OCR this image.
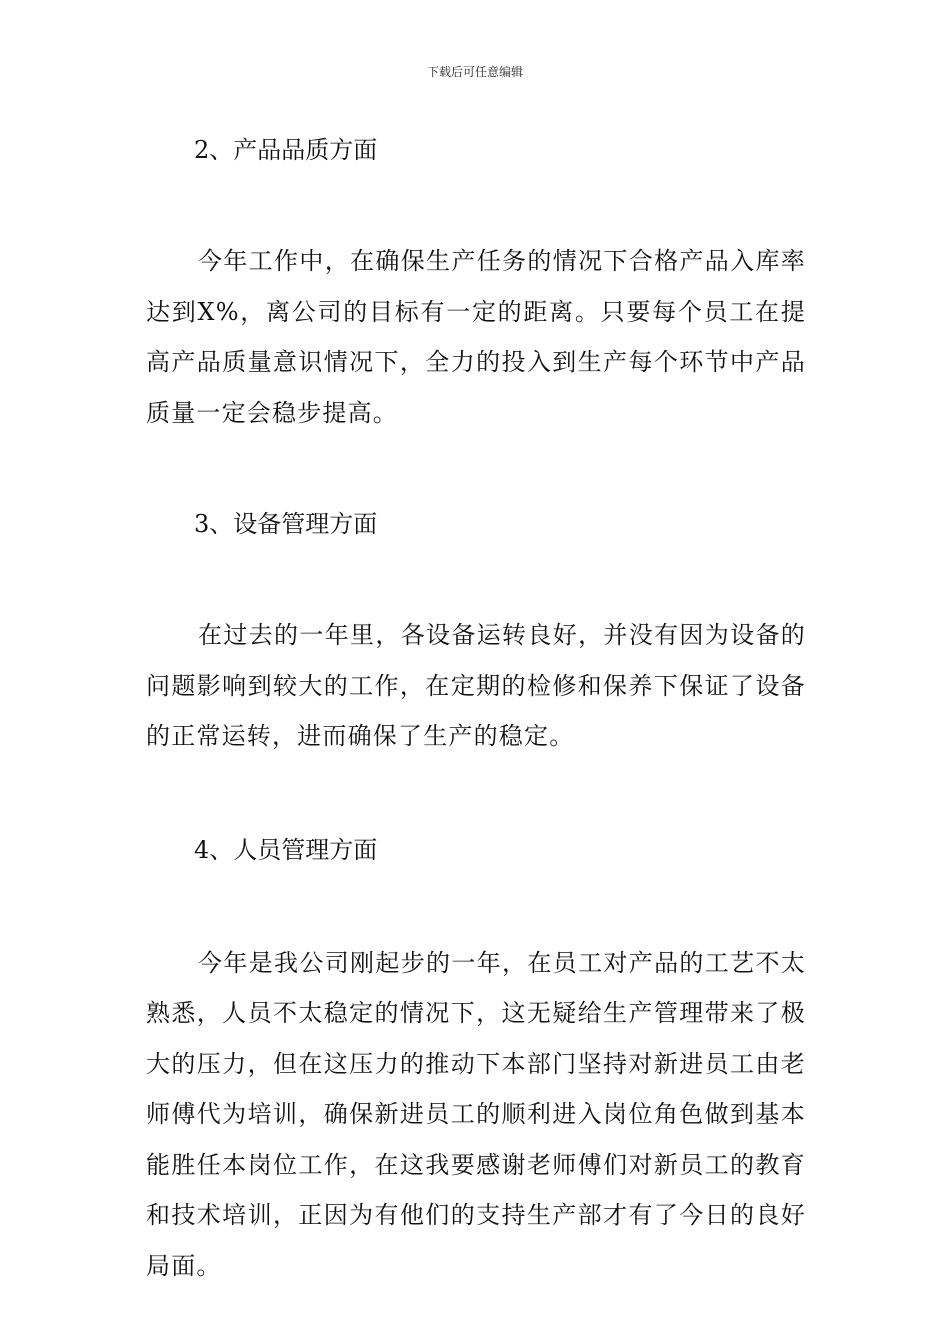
下载后可任意编辑
2、产品品质方面

今年工作中，在确保生产任务的情况下合格产品入库率达到X%，离公司的目标有一定的距离。只要每个员工在提高产品质量意识情况下，全力的投入到生产每个环节中产品质量一定会稳步提高。

3、设备管理方面

在过去的一年里，各设备运转良好，并没有因为设备的问题影响到较大的工作，在定期的检修和保养下保证了设备的正常运转，进而确保了生产的稳定。

4、人员管理方面

今年是我公司刚起步的一年，在员工对产品的工艺不太熟悉，人员不太稳定的情况下，这无疑给生产管理带来了极大的压力，但在这压力的推动下本部门坚持对新进员工由老师傅代为培训，确保新进员工的顺利进入岗位角色做到基本能胜任本岗位工作，在这我要感谢老师傅们对新员工的教育和技术培训，正因为有他们的支持生产部才有了今日的良好局面。
